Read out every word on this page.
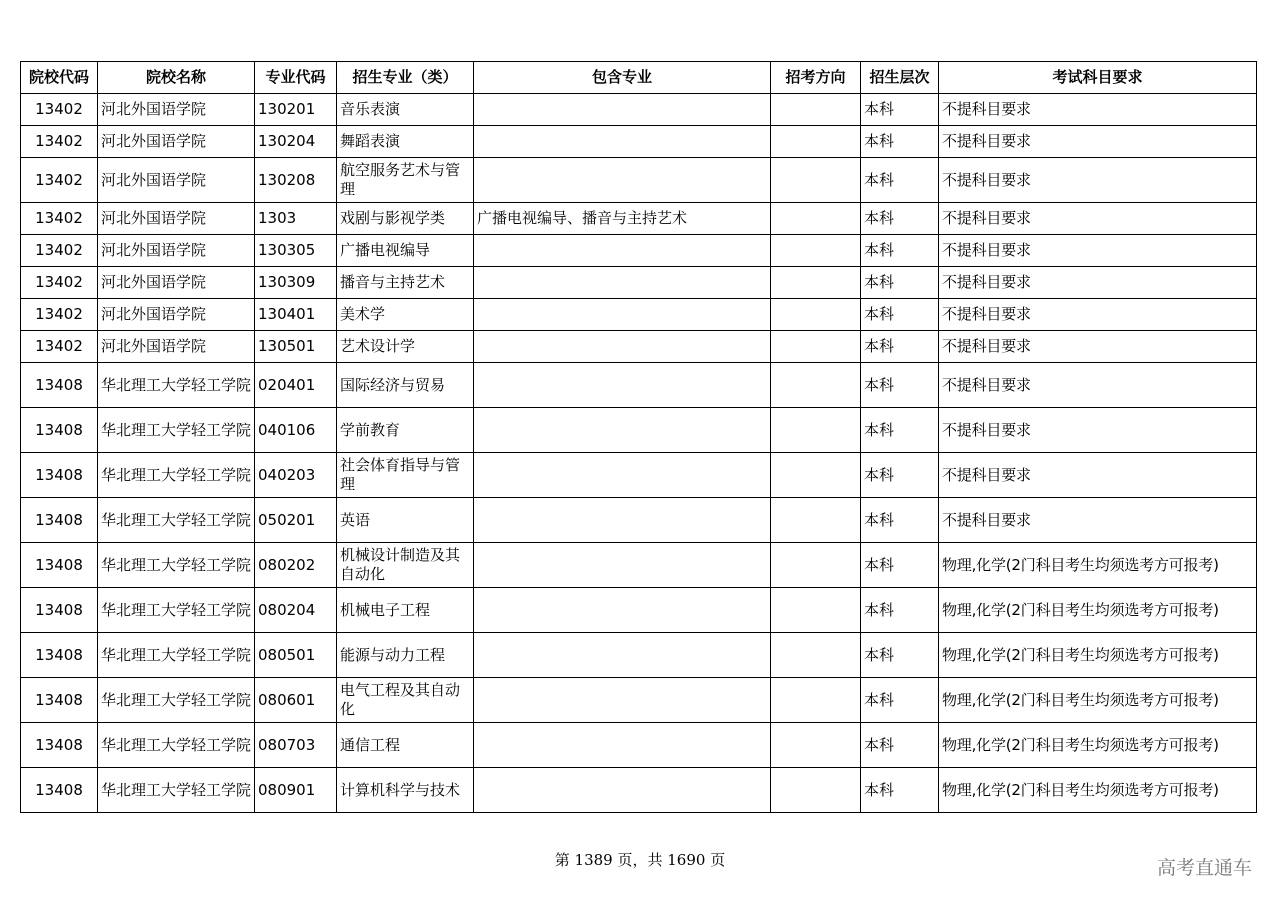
院校代码	院校名称	专业代码	招生专业（类）	包含专业	招考方向	招生层次	考试科目要求
13402	河北外国语学院	130201	音乐表演			本科	不提科目要求
13402	河北外国语学院	130204	舞蹈表演			本科	不提科目要求
13402	河北外国语学院	130208	航空服务艺术与管理			本科	不提科目要求
13402	河北外国语学院	1303	戏剧与影视学类	广播电视编导、播音与主持艺术		本科	不提科目要求
13402	河北外国语学院	130305	广播电视编导			本科	不提科目要求
13402	河北外国语学院	130309	播音与主持艺术			本科	不提科目要求
13402	河北外国语学院	130401	美术学			本科	不提科目要求
13402	河北外国语学院	130501	艺术设计学			本科	不提科目要求
13408	华北理工大学轻工学院	020401	国际经济与贸易			本科	不提科目要求
13408	华北理工大学轻工学院	040106	学前教育			本科	不提科目要求
13408	华北理工大学轻工学院	040203	社会体育指导与管理			本科	不提科目要求
13408	华北理工大学轻工学院	050201	英语			本科	不提科目要求
13408	华北理工大学轻工学院	080202	机械设计制造及其自动化			本科	物理,化学(2门科目考生均须选考方可报考)
13408	华北理工大学轻工学院	080204	机械电子工程			本科	物理,化学(2门科目考生均须选考方可报考)
13408	华北理工大学轻工学院	080501	能源与动力工程			本科	物理,化学(2门科目考生均须选考方可报考)
13408	华北理工大学轻工学院	080601	电气工程及其自动化			本科	物理,化学(2门科目考生均须选考方可报考)
13408	华北理工大学轻工学院	080703	通信工程			本科	物理,化学(2门科目考生均须选考方可报考)
13408	华北理工大学轻工学院	080901	计算机科学与技术			本科	物理,化学(2门科目考生均须选考方可报考)
第 1389 页，共 1690 页	高考直通车
